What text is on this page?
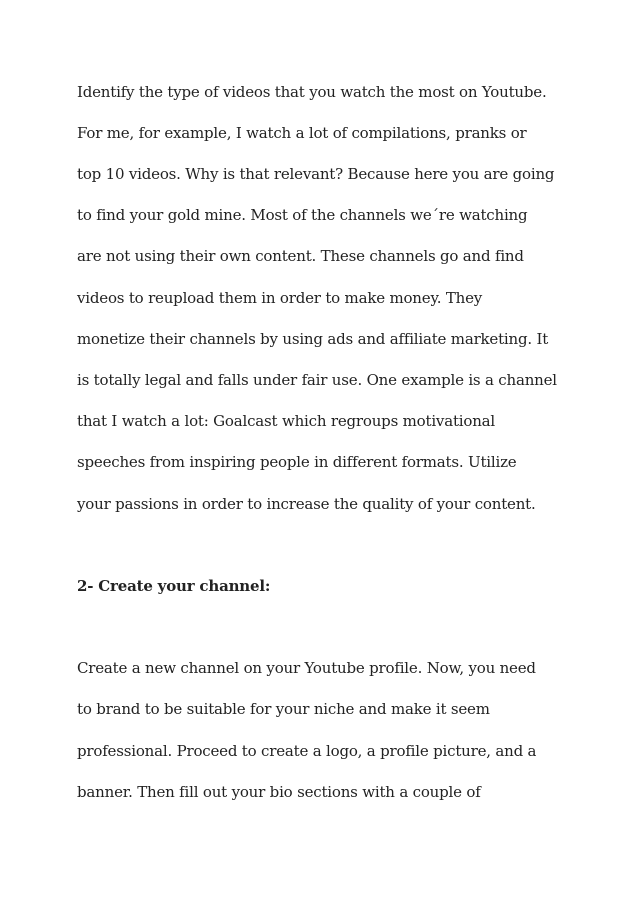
Identify the type of videos that you watch the most on Youtube.
For me, for example, I watch a lot of compilations, pranks or
top 10 videos. Why is that relevant? Because here you are going
to find your gold mine. Most of the channels we´re watching
are not using their own content. These channels go and find
videos to reupload them in order to make money. They
monetize their channels by using ads and affiliate marketing. It
is totally legal and falls under fair use. One example is a channel
that I watch a lot: Goalcast which regroups motivational
speeches from inspiring people in different formats. Utilize
your passions in order to increase the quality of your content.
2- Create your channel:
Create a new channel on your Youtube profile. Now, you need
to brand to be suitable for your niche and make it seem
professional. Proceed to create a logo, a profile picture, and a
banner. Then fill out your bio sections with a couple of
